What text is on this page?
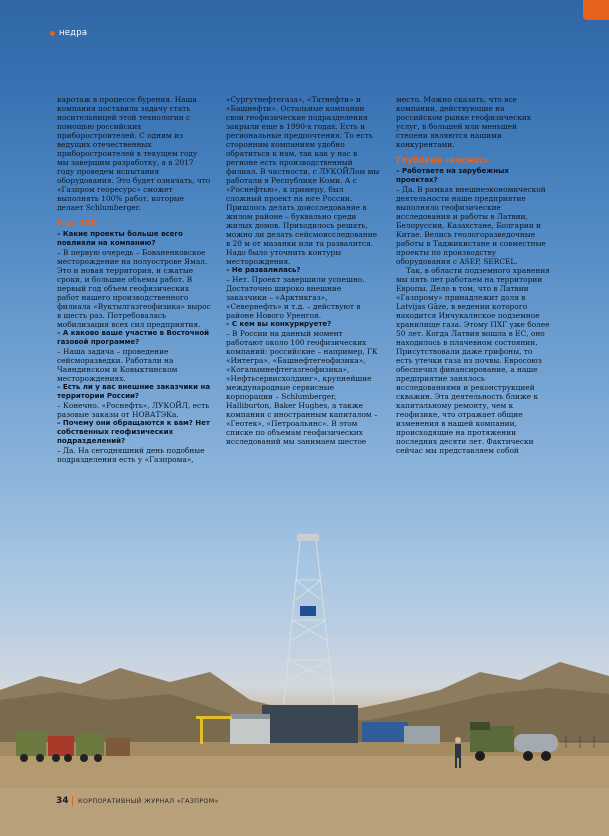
недра

каротаж в процессе бурения. Наша компания поставила задачу стать носительницей этой технологии с помощью российских приборостроителей. С одним из ведущих отечественных приборостроителей в текущем году мы завершим разработку, а в 2017 году проведем испытания оборудования. Это будет означать, что «Газпром георесурс» сможет выполнять 100% работ, которые делает Schlumberger.

6 из 100

– Какие проекты больше всего повлияли на компанию?

– В первую очередь – Бованенковское месторождение на полуострове Ямал. Это и новая территория, и сжатые сроки, и большие объемы работ. В первый год объем геофизических работ нашего производственного филиала «Вуктылгазгеофизика» вырос в шесть раз. Потребовалась мобилизация всех сил предприятия.

– А каково ваше участие в Восточной газовой программе?

– Наша задача – проведение сейсморазведки. Работали на Чаяндинском и Ковыктинском месторождениях.

– Есть ли у вас внешние заказчики на территории России?

– Конечно. «Роснефть», ЛУКОЙЛ, есть разовые заказы от НОВАТЭКа.

– Почему они обращаются к вам? Нет собственных геофизических подразделений?

– Да. На сегодняшний день подобные подразделения есть у «Газпрома»,

«Сургутнефтегаза», «Татнефти» и «Башнефти». Остальные компании свои геофизические подразделения закрыли еще в 1990-х годах. Есть и региональные предпочтения. То есть сторонним компаниям удобно обратиться к нам, так как у нас в регионе есть производственный филиал. В частности, с ЛУКОЙЛом мы работали в Республике Коми. А с «Роснефтью», к примеру, был сложный проект на юге России. Пришлось делать доисследование в жилом районе – буквально среди жилых домов. Приходилось решать, можно ли делать сейсмоисследование в 20 м от мазанки или та развалится. Надо было уточнить контуры месторождения.

– Не развалилась?

– Нет. Проект завершили успешно. Достаточно широко внешние заказчики – «Арктикгаз», «Севернефть» и т.д. – действуют в районе Нового Уренгоя.

– С кем вы конкурируете?

– В России на данный момент работают около 100 геофизических компаний: российские – например, ГК «Интегра», «Башнефтегеофизика», «Когалымнефтегазгеофизика», «Нефтьсервисхолдинг», крупнейшие международные сервисные корпорации – Schlumberger, Halliburton, Baker Hughes, а также компании с иностранным капиталом – «Геотек», «Петроальянс». В этом списке по объемам геофизических исследований мы занимаем шестое

место. Можно сказать, что все компании, действующие на российском рынке геофизических услуг, в большей или меньшей степени являются нашими конкурентами.

Глубокий «космос»

– Работаете на зарубежных проектах?

– Да. В рамках внешнеэкономической деятельности наше предприятие выполняло геофизические исследования и работы в Латвии, Белоруссии, Казахстане, Болгарии и Китае. Велись геологоразведочные работы в Таджикистане и совместные проекты по производству оборудования с ASEP, SERCEL.

Так, в области подземного хранения мы пять лет работаем на территории Европы. Дело в том, что в Латвии «Газпрому» принадлежит доля в Latvijas Gāze, в ведении которого находится Инчукалнское подземное хранилище газа. Этому ПХГ уже более 50 лет. Когда Латвия вошла в ЕС, оно находилось в плачевном состоянии. Присутствовали даже грифоны, то есть утечки газа из почвы. Евросоюз обеспечил финансирование, а наше предприятие занялось исследованиями и реконструкцией скважин. Эта деятельность ближе к капитальному ремонту, чем к геофизике, что отражает общие изменения в нашей компании, происходящие на протяжении последних десяти лет. Фактически сейчас мы представляем собой

34 КОРПОРАТИВНЫЙ ЖУРНАЛ «ГАЗПРОМ»
